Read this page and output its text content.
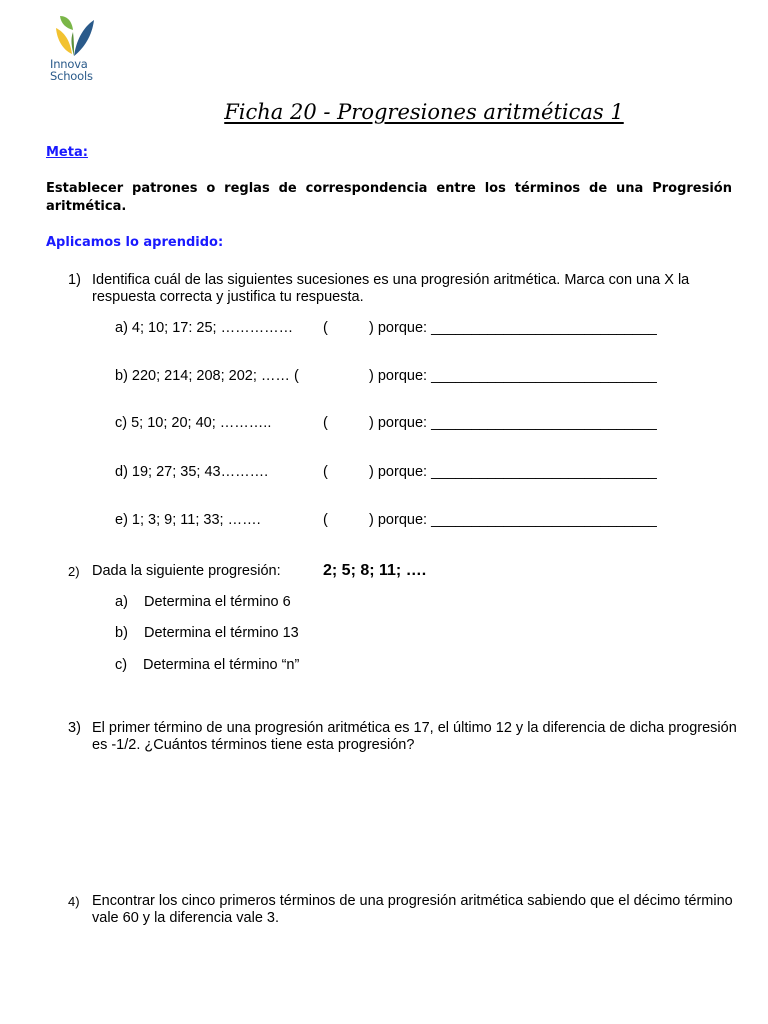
Innova
Schools
Ficha 20 - Progresiones aritméticas 1
Meta:
Establecer patrones o reglas de correspondencia entre los términos de una Progresión aritmética.
Aplicamos lo aprendido:
1) Identifica cuál de las siguientes sucesiones es una progresión aritmética. Marca con una X la respuesta correcta y justifica tu respuesta.
a) 4; 10; 17: 25; …………… (	) porque: ____________________________
b) 220; 214; 208; 202; …… (	) porque: ____________________________
c) 5; 10; 20; 40; ………..	(	) porque: ____________________________
d) 19; 27; 35; 43……….	(	) porque: ____________________________
e) 1; 3; 9; 11; 33; …….	(	) porque: ____________________________
2) Dada la siguiente progresión:	2; 5; 8; 11; ….
a) Determina el término 6
b) Determina el término 13
c) Determina el término “n”
3) El primer término de una progresión aritmética es 17, el último 12 y la diferencia de dicha progresión es -1/2. ¿Cuántos términos tiene esta progresión?
4) Encontrar los cinco primeros términos de una progresión aritmética sabiendo que el décimo término vale 60 y la diferencia vale 3.
